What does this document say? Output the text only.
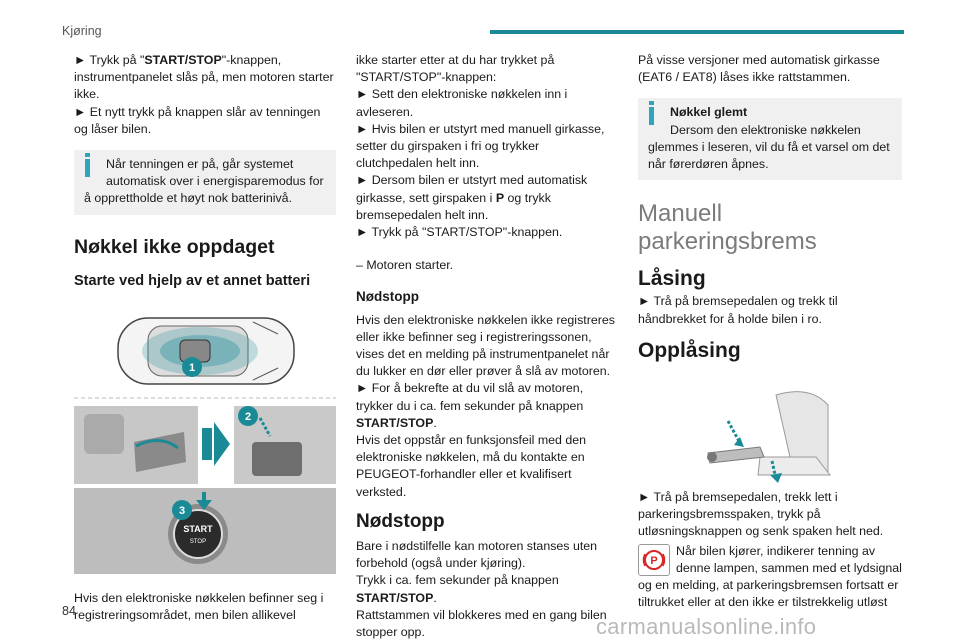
Kjøring

► Trykk på "START/STOP"-knappen, instrumentpanelet slås på, men motoren starter ikke.

► Et nytt trykk på knappen slår av tenningen og låser bilen.

Når tenningen er på, går systemet
automatisk over i energisparemodus for
å opprettholde et høyt nok batterinivå.
Nøkkel ikke oppdaget
Starte ved hjelp av et annet batteri
1
2
START
STOP
3

Hvis den elektroniske nøkkelen befinner seg i registreringsområdet, men bilen allikevel

ikke starter etter at du har trykket på "START/STOP"-knappen:

► Sett den elektroniske nøkkelen inn i avleseren.

► Hvis bilen er utstyrt med manuell girkasse, setter du girspaken i fri og trykker clutchpedalen helt inn.

► Dersom bilen er utstyrt med automatisk girkasse, sett girspaken i P og trykk bremsepedalen helt inn.

► Trykk på "START/STOP"-knappen.

– Motoren starter.

Nødstopp

Hvis den elektroniske nøkkelen ikke registreres eller ikke befinner seg i registreringssonen, vises det en melding på instrumentpanelet når du lukker en dør eller prøver å slå av motoren.

► For å bekrefte at du vil slå av motoren, trykker du i ca. fem sekunder på knappen START/STOP.

Hvis det oppstår en funksjonsfeil med den elektroniske nøkkelen, må du kontakte en PEUGEOT-forhandler eller et kvalifisert verksted.

Nødstopp

Bare i nødstilfelle kan motoren stanses uten forbehold (også under kjøring).

Trykk i ca. fem sekunder på knappen START/STOP.

Rattstammen vil blokkeres med en gang bilen stopper opp.

På visse versjoner med automatisk girkasse (EAT6 / EAT8) låses ikke rattstammen.

Nøkkel glemt
Dersom den elektroniske nøkkelen
glemmes i leseren, vil du få et varsel om det når førerdøren åpnes.
Manuell parkeringsbrems
Låsing

► Trå på bremsepedalen og trekk til håndbrekket for å holde bilen i ro.

Opplåsing

► Trå på bremsepedalen, trekk lett i parkeringsbremsspaken, trykk på utløsningsknappen og senk spaken helt ned.

P
Når bilen kjører, indikerer tenning av denne lampen, sammen med et lydsignal og en melding, at parkeringsbremsen fortsatt er tiltrukket eller at den ikke er tilstrekkelig utløst
84
carmanualsonline.info
